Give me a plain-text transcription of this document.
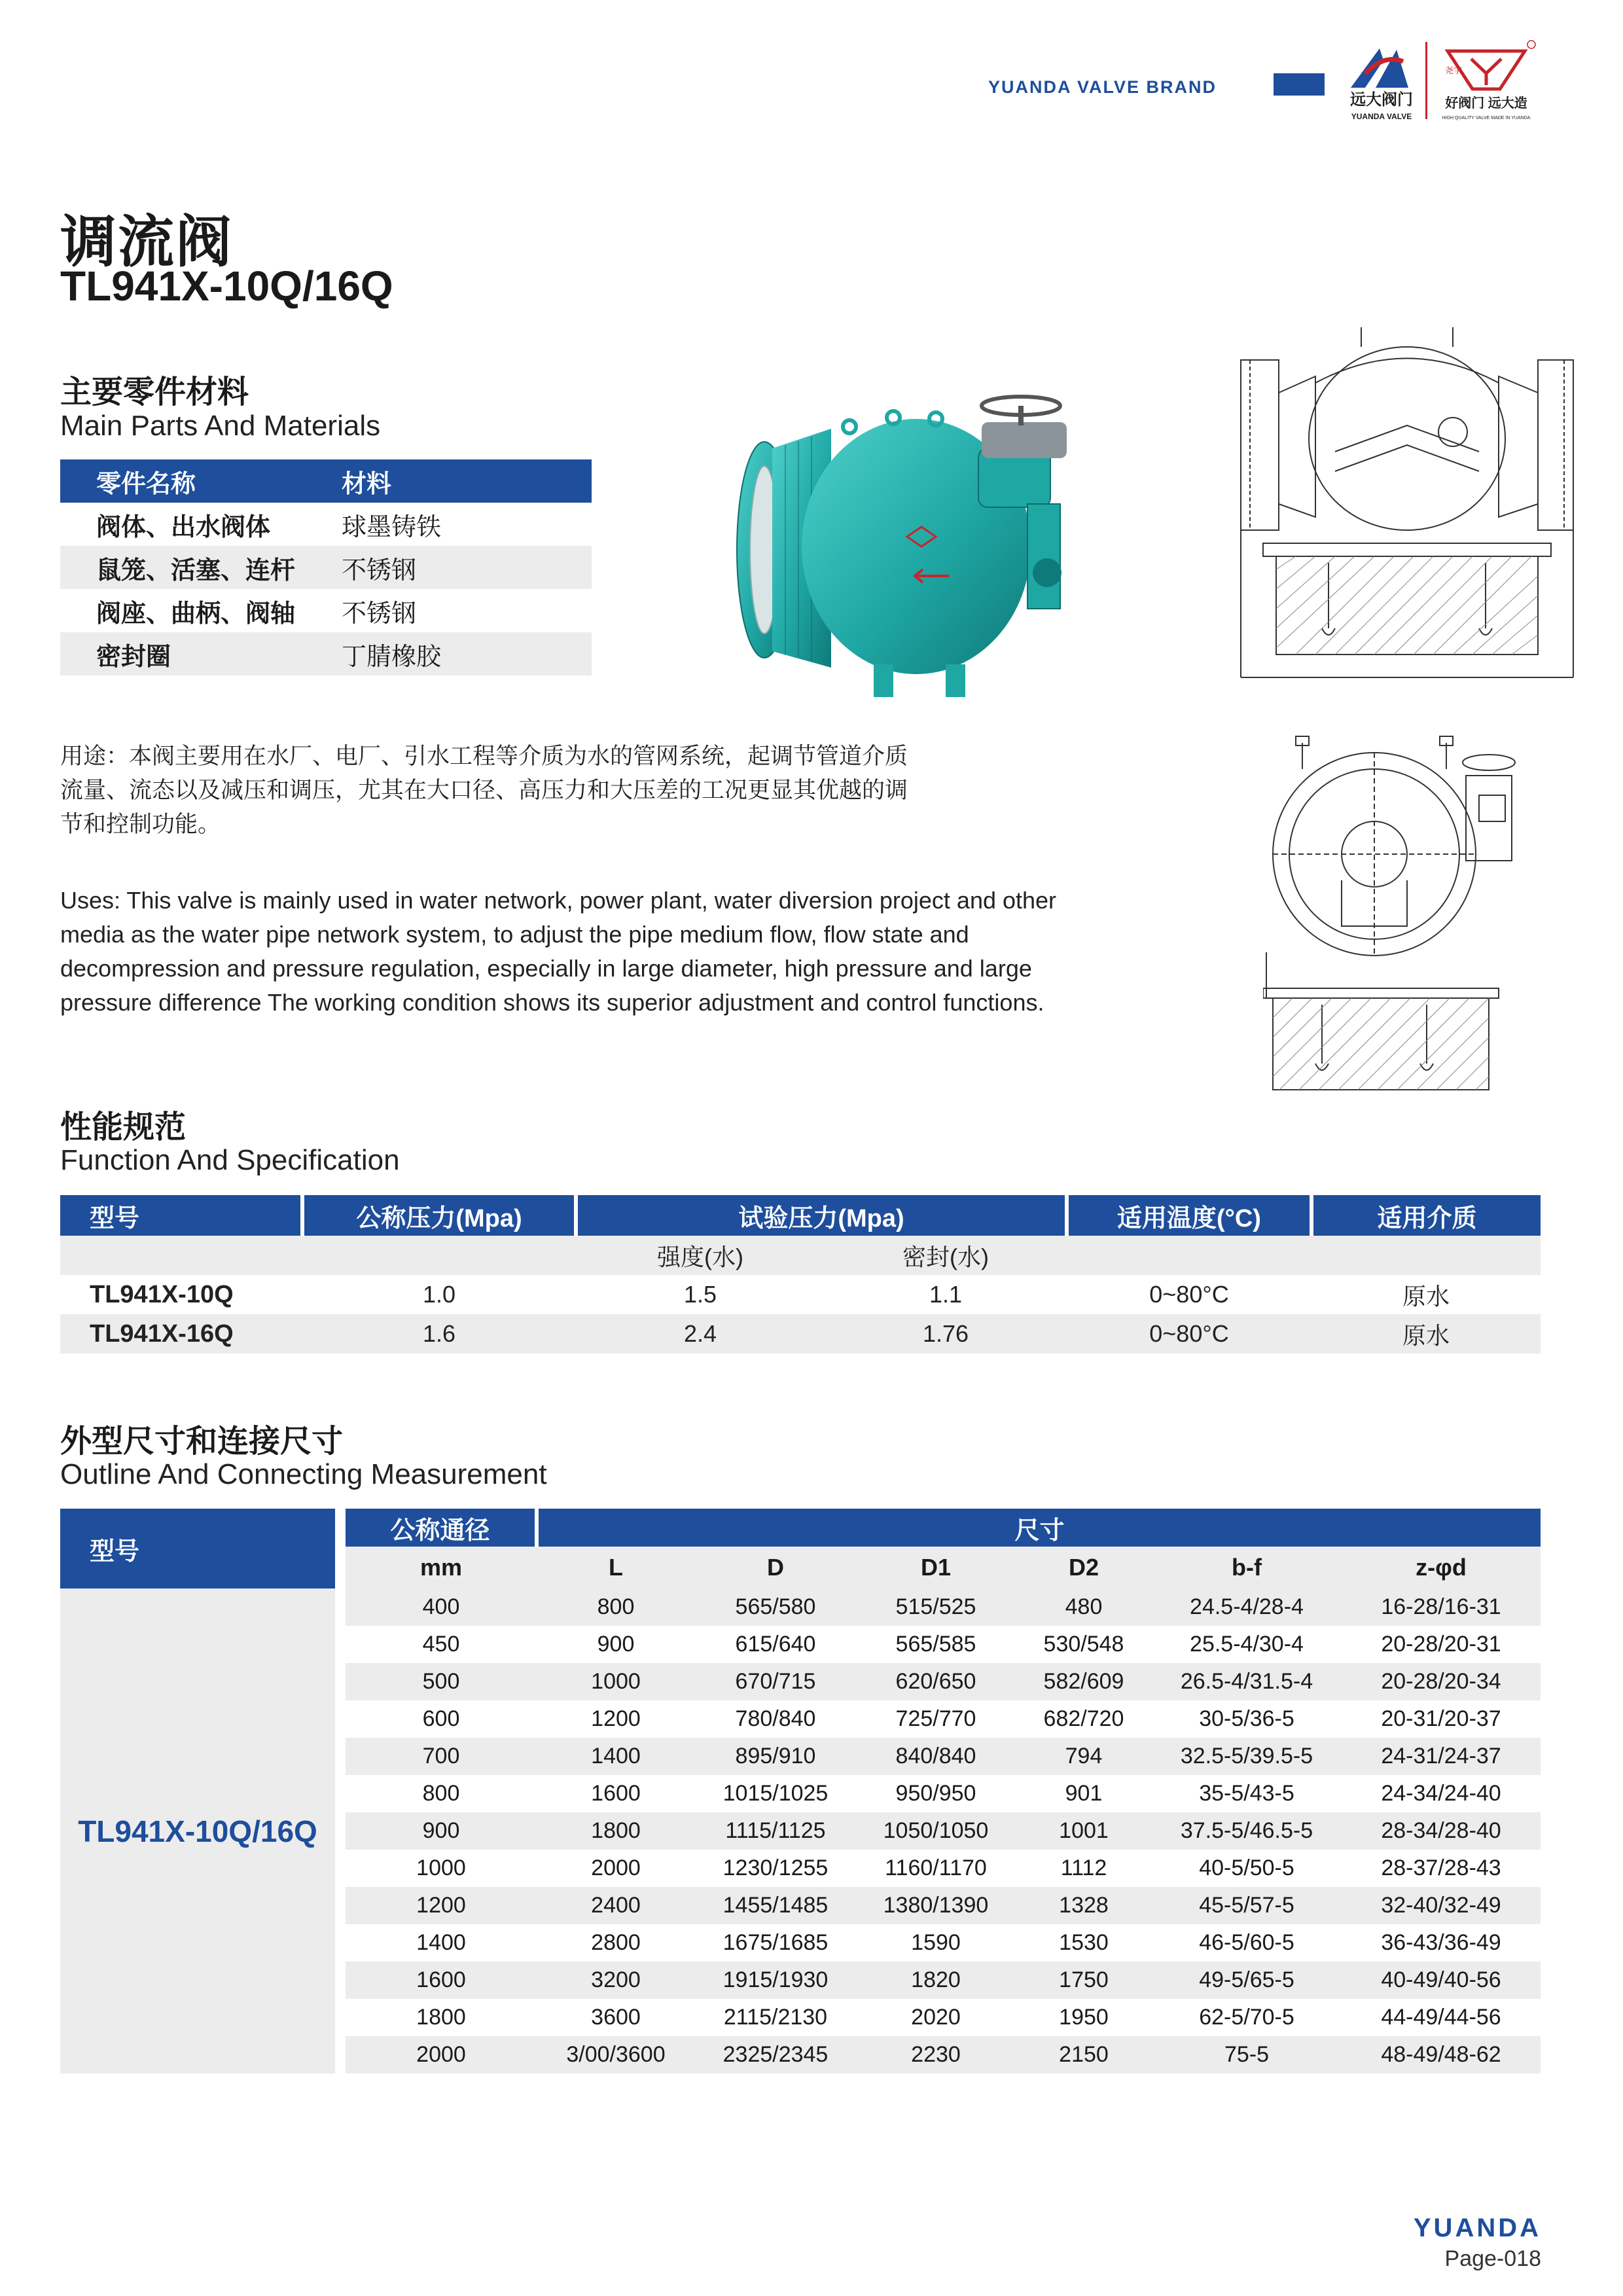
YUANDA VALVE BRAND
远大阀门
YUANDA VALVE
尧字
好阀门 远大造
HIGH QUALITY VALVE MADE IN YUANDA
调流阀
TL941X-10Q/16Q
主要零件材料
Main Parts And Materials
零件名称	材料
阀体、出水阀体	球墨铸铁
鼠笼、活塞、连杆	不锈钢
阀座、曲柄、阀轴	不锈钢
密封圈	丁腈橡胶
用途：本阀主要用在水厂、电厂、引水工程等介质为水的管网系统，起调节管道介质
流量、流态以及减压和调压，尤其在大口径、高压力和大压差的工况更显其优越的调
节和控制功能。
Uses: This valve is mainly used in water network, power plant, water diversion project and other
media as the water pipe network system, to adjust the pipe medium flow, flow state and
decompression and pressure regulation, especially in large diameter, high pressure and large
pressure difference The working condition shows its superior adjustment and control functions.
性能规范
Function And Specification
型号	公称压力(Mpa)	试验压力(Mpa)		适用温度(°C)	适用介质
		强度(水)	密封(水)		
TL941X-10Q	1.0	1.5	1.1	0~80°C	原水
TL941X-16Q	1.6	2.4	1.76	0~80°C	原水
外型尺寸和连接尺寸
Outline And Connecting Measurement
型号	公称通径	尺寸					
	mm	L	D	D1	D2	b-f	z-φd
TL941X-10Q/16Q	400	800	565/580	515/525	480	24.5-4/28-4	16-28/16-31
	450	900	615/640	565/585	530/548	25.5-4/30-4	20-28/20-31
	500	1000	670/715	620/650	582/609	26.5-4/31.5-4	20-28/20-34
	600	1200	780/840	725/770	682/720	30-5/36-5	20-31/20-37
	700	1400	895/910	840/840	794	32.5-5/39.5-5	24-31/24-37
	800	1600	1015/1025	950/950	901	35-5/43-5	24-34/24-40
	900	1800	1115/1125	1050/1050	1001	37.5-5/46.5-5	28-34/28-40
	1000	2000	1230/1255	1160/1170	1112	40-5/50-5	28-37/28-43
	1200	2400	1455/1485	1380/1390	1328	45-5/57-5	32-40/32-49
	1400	2800	1675/1685	1590	1530	46-5/60-5	36-43/36-49
	1600	3200	1915/1930	1820	1750	49-5/65-5	40-49/40-56
	1800	3600	2115/2130	2020	1950	62-5/70-5	44-49/44-56
	2000	3/00/3600	2325/2345	2230	2150	75-5	48-49/48-62
YUANDA
Page-018
